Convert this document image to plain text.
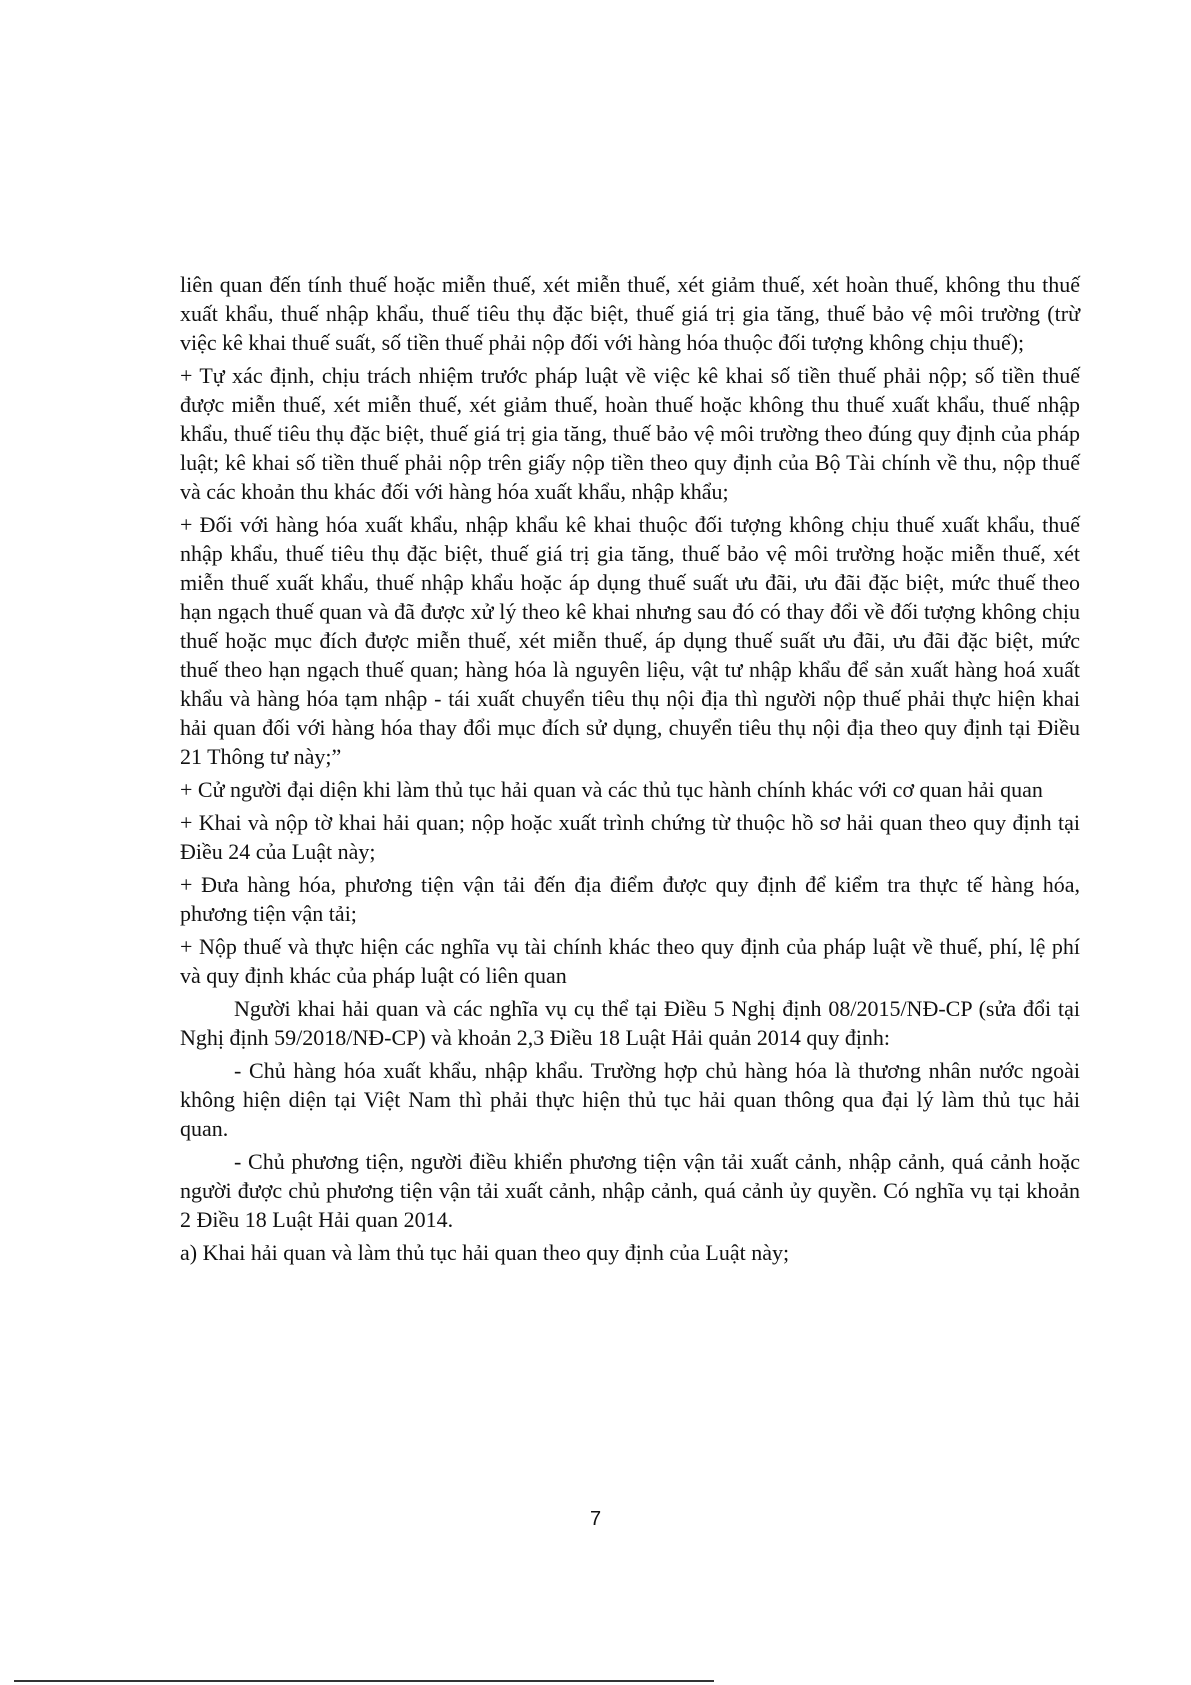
liên quan đến tính thuế hoặc miễn thuế, xét miễn thuế, xét giảm thuế, xét hoàn thuế, không thu thuế xuất khẩu, thuế nhập khẩu, thuế tiêu thụ đặc biệt, thuế giá trị gia tăng, thuế bảo vệ môi trường (trừ việc kê khai thuế suất, số tiền thuế phải nộp đối với hàng hóa thuộc đối tượng không chịu thuế);

+ Tự xác định, chịu trách nhiệm trước pháp luật về việc kê khai số tiền thuế phải nộp; số tiền thuế được miễn thuế, xét miễn thuế, xét giảm thuế, hoàn thuế hoặc không thu thuế xuất khẩu, thuế nhập khẩu, thuế tiêu thụ đặc biệt, thuế giá trị gia tăng, thuế bảo vệ môi trường theo đúng quy định của pháp luật; kê khai số tiền thuế phải nộp trên giấy nộp tiền theo quy định của Bộ Tài chính về thu, nộp thuế và các khoản thu khác đối với hàng hóa xuất khẩu, nhập khẩu;

+ Đối với hàng hóa xuất khẩu, nhập khẩu kê khai thuộc đối tượng không chịu thuế xuất khẩu, thuế nhập khẩu, thuế tiêu thụ đặc biệt, thuế giá trị gia tăng, thuế bảo vệ môi trường hoặc miễn thuế, xét miễn thuế xuất khẩu, thuế nhập khẩu hoặc áp dụng thuế suất ưu đãi, ưu đãi đặc biệt, mức thuế theo hạn ngạch thuế quan và đã được xử lý theo kê khai nhưng sau đó có thay đổi về đối tượng không chịu thuế hoặc mục đích được miễn thuế, xét miễn thuế, áp dụng thuế suất ưu đãi, ưu đãi đặc biệt, mức thuế theo hạn ngạch thuế quan; hàng hóa là nguyên liệu, vật tư nhập khẩu để sản xuất hàng hoá xuất khẩu và hàng hóa tạm nhập - tái xuất chuyển tiêu thụ nội địa thì người nộp thuế phải thực hiện khai hải quan đối với hàng hóa thay đổi mục đích sử dụng, chuyển tiêu thụ nội địa theo quy định tại Điều 21 Thông tư này;”

+ Cử người đại diện khi làm thủ tục hải quan và các thủ tục hành chính khác với cơ quan hải quan

+ Khai và nộp tờ khai hải quan; nộp hoặc xuất trình chứng từ thuộc hồ sơ hải quan theo quy định tại Điều 24 của Luật này;

+ Đưa hàng hóa, phương tiện vận tải đến địa điểm được quy định để kiểm tra thực tế hàng hóa, phương tiện vận tải;

+ Nộp thuế và thực hiện các nghĩa vụ tài chính khác theo quy định của pháp luật về thuế, phí, lệ phí và quy định khác của pháp luật có liên quan

Người khai hải quan và các nghĩa vụ cụ thể tại Điều 5 Nghị định 08/2015/NĐ-CP (sửa đổi tại Nghị định 59/2018/NĐ-CP) và khoản 2,3 Điều 18 Luật Hải quản 2014 quy định:

- Chủ hàng hóa xuất khẩu, nhập khẩu. Trường hợp chủ hàng hóa là thương nhân nước ngoài không hiện diện tại Việt Nam thì phải thực hiện thủ tục hải quan thông qua đại lý làm thủ tục hải quan.

- Chủ phương tiện, người điều khiển phương tiện vận tải xuất cảnh, nhập cảnh, quá cảnh hoặc người được chủ phương tiện vận tải xuất cảnh, nhập cảnh, quá cảnh ủy quyền. Có nghĩa vụ tại khoản 2 Điều 18 Luật Hải quan 2014.

a) Khai hải quan và làm thủ tục hải quan theo quy định của Luật này;

7
